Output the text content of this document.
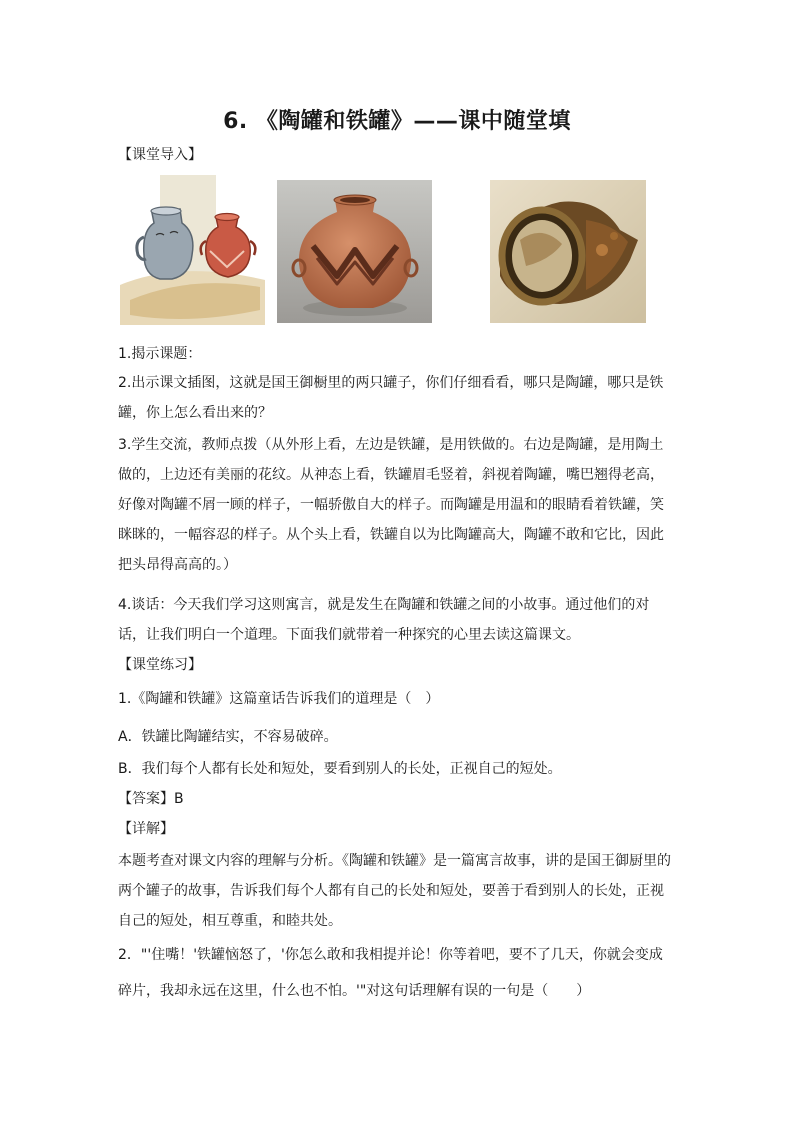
6. 《陶罐和铁罐》——课中随堂填
【课堂导入】
1.揭示课题：
2.出示课文插图，这就是国王御橱里的两只罐子，你们仔细看看，哪只是陶罐，哪只是铁
罐，你上怎么看出来的？
3.学生交流，教师点拨（从外形上看，左边是铁罐，是用铁做的。右边是陶罐，是用陶土
做的，上边还有美丽的花纹。从神态上看，铁罐眉毛竖着，斜视着陶罐，嘴巴翘得老高，
好像对陶罐不屑一顾的样子，一幅骄傲自大的样子。而陶罐是用温和的眼睛看着铁罐，笑
眯眯的，一幅容忍的样子。从个头上看，铁罐自以为比陶罐高大，陶罐不敢和它比，因此
把头昂得高高的。）
4.谈话：今天我们学习这则寓言，就是发生在陶罐和铁罐之间的小故事。通过他们的对
话，让我们明白一个道理。下面我们就带着一种探究的心里去读这篇课文。
【课堂练习】
1.《陶罐和铁罐》这篇童话告诉我们的道理是（　）
A．铁罐比陶罐结实，不容易破碎。
B．我们每个人都有长处和短处，要看到别人的长处，正视自己的短处。
【答案】B
【详解】
本题考查对课文内容的理解与分析。《陶罐和铁罐》是一篇寓言故事，讲的是国王御厨里的
两个罐子的故事，告诉我们每个人都有自己的长处和短处，要善于看到别人的长处，正视
自己的短处，相互尊重，和睦共处。
2．"'住嘴！'铁罐恼怒了，'你怎么敢和我相提并论！你等着吧，要不了几天，你就会变成
碎片，我却永远在这里，什么也不怕。'"对这句话理解有误的一句是（　　）
